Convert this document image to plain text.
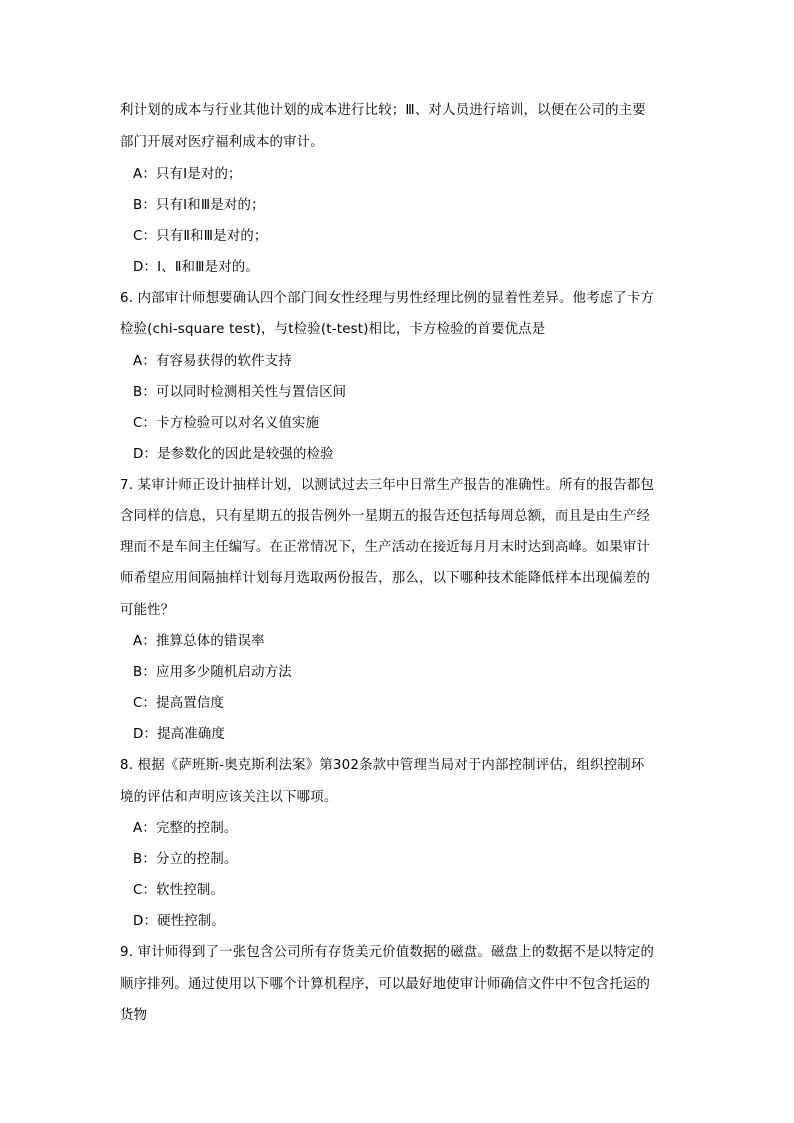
利计划的成本与行业其他计划的成本进行比较；Ⅲ、对人员进行培训，以便在公司的主要

部门开展对医疗福利成本的审计。

A：只有Ⅰ是对的；

B：只有Ⅰ和Ⅲ是对的；

C：只有Ⅱ和Ⅲ是对的；

D：Ⅰ、Ⅱ和Ⅲ是对的。

6. 内部审计师想要确认四个部门间女性经理与男性经理比例的显着性差异。他考虑了卡方

检验(chi-square test)，与t检验(t-test)相比，卡方检验的首要优点是

A：有容易获得的软件支持

B：可以同时检测相关性与置信区间

C：卡方检验可以对名义值实施

D：是参数化的因此是较强的检验

7. 某审计师正设计抽样计划，以测试过去三年中日常生产报告的准确性。所有的报告都包

含同样的信息，只有星期五的报告例外一星期五的报告还包括每周总额，而且是由生产经

理而不是车间主任编写。在正常情况下，生产活动在接近每月月末时达到高峰。如果审计

师希望应用间隔抽样计划每月选取两份报告，那么，以下哪种技术能降低样本出现偏差的

可能性？

A：推算总体的错误率

B：应用多少随机启动方法

C：提高置信度

D：提高准确度

8. 根据《萨班斯-奥克斯利法案》第302条款中管理当局对于内部控制评估，组织控制环

境的评估和声明应该关注以下哪项。

A：完整的控制。

B：分立的控制。

C：软性控制。

D：硬性控制。

9. 审计师得到了一张包含公司所有存货美元价值数据的磁盘。磁盘上的数据不是以特定的

顺序排列。通过使用以下哪个计算机程序，可以最好地使审计师确信文件中不包含托运的

货物
